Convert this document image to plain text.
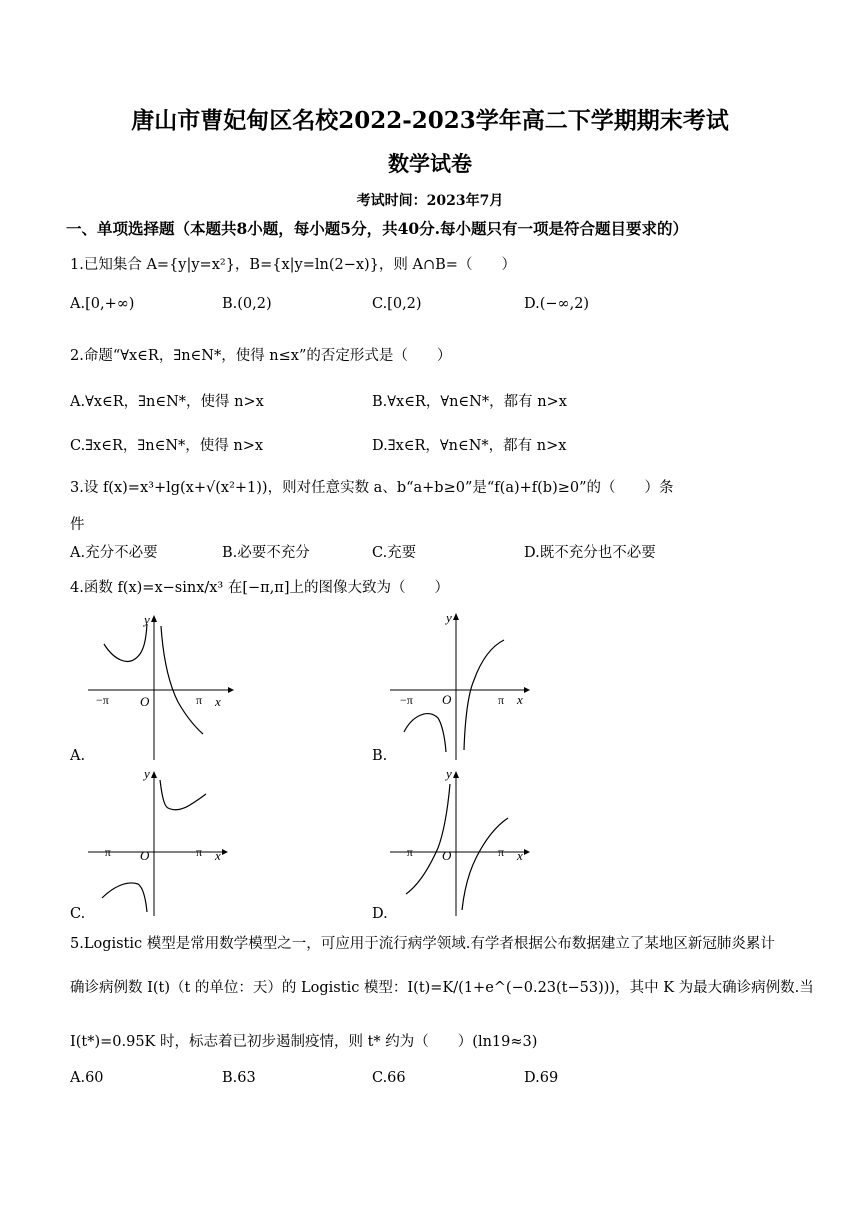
唐山市曹妃甸区名校2022-2023学年高二下学期期末考试
数学试卷
考试时间：2023年7月
一、单项选择题（本题共8小题，每小题5分，共40分.每小题只有一项是符合题目要求的）
1.已知集合 A={y|y=x²}，B={x|y=ln(2−x)}，则 A∩B=（　　）
A.[0,+∞)	B.(0,2)	C.[0,2)	D.(−∞,2)
2.命题“∀x∈R，∃n∈N*，使得 n≤x”的否定形式是（　　）
A.∀x∈R，∃n∈N*，使得 n>x	B.∀x∈R，∀n∈N*，都有 n>x
C.∃x∈R，∃n∈N*，使得 n>x	D.∃x∈R，∀n∈N*，都有 n>x
3.设 f(x)=x³+lg(x+√(x²+1))，则对任意实数 a、b“a+b≥0”是“f(a)+f(b)≥0”的（　　）条
件
A.充分不必要	B.必要不充分	C.充要	D.既不充分也不必要
4.函数 f(x)=x−sinx/x³ 在[−π,π]上的图像大致为（　　）
−π O	π x
y
A.
−π O	π x
y
B.
−π O	π x
y
C.
−π O	π x
y
D.
5.Logistic 模型是常用数学模型之一，可应用于流行病学领域.有学者根据公布数据建立了某地区新冠肺炎累计
确诊病例数 I(t)（t 的单位：天）的 Logistic 模型：I(t)=K/(1+e^(−0.23(t−53)))，其中 K 为最大确诊病例数.当
I(t*)=0.95K 时，标志着已初步遏制疫情，则 t* 约为（　　）(ln19≈3)
A.60	B.63	C.66	D.69
